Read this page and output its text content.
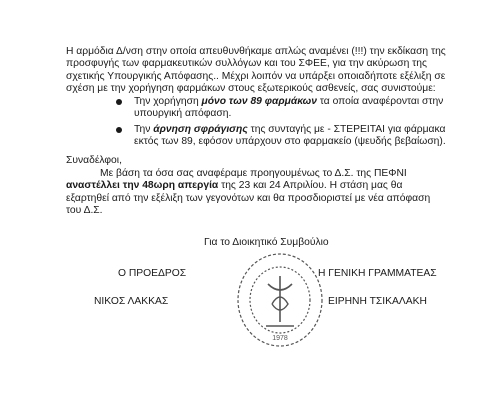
Η αρμόδια Δ/νση στην οποία απευθυνθήκαμε απλώς αναμένει (!!!) την εκδίκαση της προσφυγής των φαρμακευτικών συλλόγων και του ΣΦΕΕ, για την ακύρωση της σχετικής Υπουργικής Απόφασης.. Μέχρι λοιπόν να υπάρξει οποιαδήποτε εξέλιξη σε σχέση με την χορήγηση φαρμάκων στους εξωτερικούς ασθενείς, σας συνιστούμε:
Την χορήγηση μόνο των 89 φαρμάκων τα οποία αναφέρονται στην υπουργική απόφαση.
Την άρνηση σφράγισης της συνταγής με - ΣΤΕΡΕΙΤΑΙ για φάρμακα εκτός των 89, εφόσον υπάρχουν στο φαρμακείο (ψευδής βεβαίωση).
Συναδέλφοι,
Με βάση τα όσα σας αναφέραμε προηγουμένως το Δ.Σ. της ΠΕΦΝΙ αναστέλλει την 48ωρη απεργία της 23 και 24 Απριλίου. Η στάση μας θα εξαρτηθεί από την εξέλιξη των γεγονότων και θα προσδιοριστεί με νέα απόφαση του Δ.Σ.
Για το Διοικητικό Συμβούλιο
1978
Ο ΠΡΟΕΔΡΟΣ
ΝΙΚΟΣ ΛΑΚΚΑΣ
Η ΓΕΝΙΚΗ ΓΡΑΜΜΑΤΕΑΣ
ΕΙΡΗΝΗ ΤΣΙΚΑΛΑΚΗ
